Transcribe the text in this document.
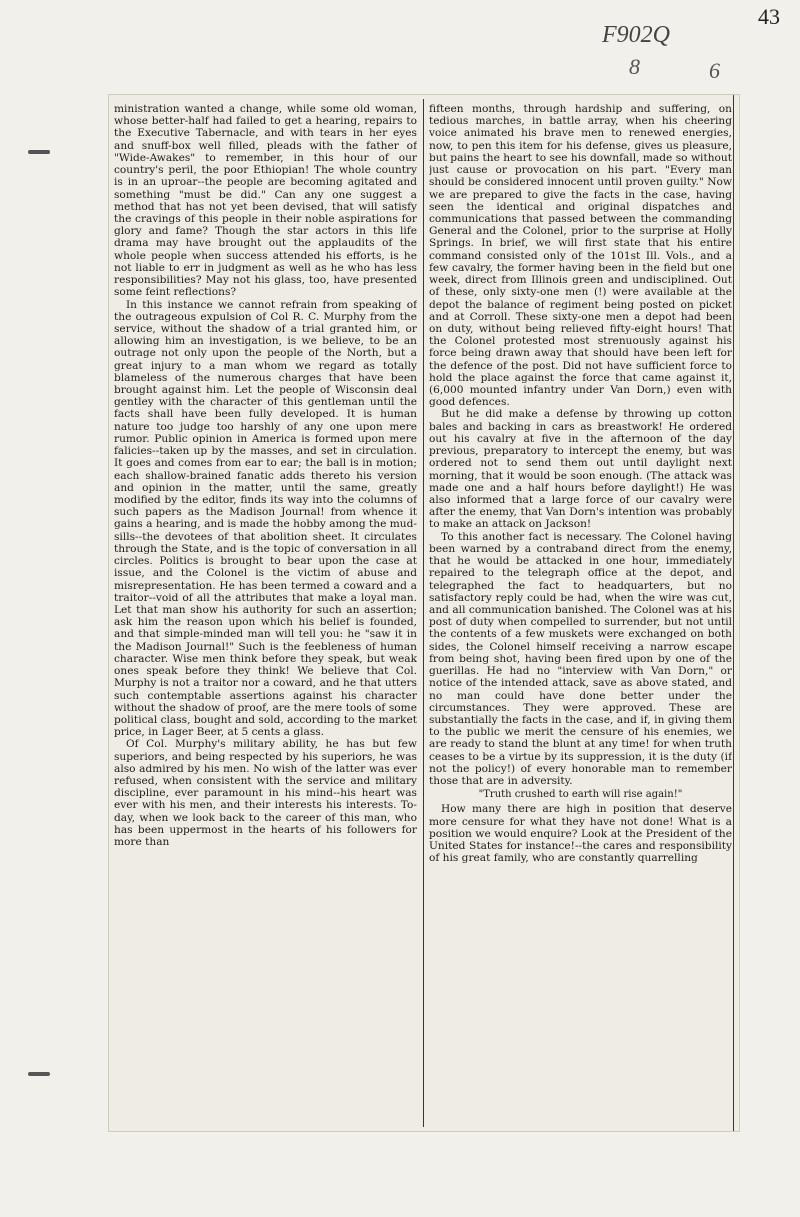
43
F902Q
8	6

ministration wanted a change, while some old woman, whose better-half had failed to get a hearing, repairs to the Executive Tabernacle, and with tears in her eyes and snuff-box well filled, pleads with the father of "Wide-Awakes" to remember, in this hour of our country's peril, the poor Ethiopian! The whole country is in an uproar--the people are becoming agitated and something "must be did." Can any one suggest a method that has not yet been devised, that will satisfy the cravings of this people in their noble aspirations for glory and fame? Though the star actors in this life drama may have brought out the applaudits of the whole people when success attended his efforts, is he not liable to err in judgment as well as he who has less responsibilities? May not his glass, too, have presented some feint reflections?

In this instance we cannot refrain from speaking of the outrageous expulsion of Col R. C. Murphy from the service, without the shadow of a trial granted him, or allowing him an investigation, is we believe, to be an outrage not only upon the people of the North, but a great injury to a man whom we regard as totally blameless of the numerous charges that have been brought against him. Let the people of Wisconsin deal gentley with the character of this gentleman until the facts shall have been fully developed. It is human nature too judge too harshly of any one upon mere rumor. Public opinion in America is formed upon mere falicies--taken up by the masses, and set in circulation. It goes and comes from ear to ear; the ball is in motion; each shallow-brained fanatic adds thereto his version and opinion in the matter, until the same, greatly modified by the editor, finds its way into the columns of such papers as the Madison Journal! from whence it gains a hearing, and is made the hobby among the mud-sills--the devotees of that abolition sheet. It circulates through the State, and is the topic of conversation in all circles. Politics is brought to bear upon the case at issue, and the Colonel is the victim of abuse and misrepresentation. He has been termed a coward and a traitor--void of all the attributes that make a loyal man. Let that man show his authority for such an assertion; ask him the reason upon which his belief is founded, and that simple-minded man will tell you: he "saw it in the Madison Journal!" Such is the feebleness of human character. Wise men think before they speak, but weak ones speak before they think! We believe that Col. Murphy is not a traitor nor a coward, and he that utters such contemptable assertions against his character without the shadow of proof, are the mere tools of some political class, bought and sold, according to the market price, in Lager Beer, at 5 cents a glass.

Of Col. Murphy's military ability, he has but few superiors, and being respected by his superiors, he was also admired by his men. No wish of the latter was ever refused, when consistent with the service and military discipline, ever paramount in his mind--his heart was ever with his men, and their interests his interests. To-day, when we look back to the career of this man, who has been uppermost in the hearts of his followers for more than

fifteen months, through hardship and suffering, on tedious marches, in battle array, when his cheering voice animated his brave men to renewed energies, now, to pen this item for his defense, gives us pleasure, but pains the heart to see his downfall, made so without just cause or provocation on his part. "Every man should be considered innocent until proven guilty." Now we are prepared to give the facts in the case, having seen the identical and original dispatches and communications that passed between the commanding General and the Colonel, prior to the surprise at Holly Springs. In brief, we will first state that his entire command consisted only of the 101st Ill. Vols., and a few cavalry, the former having been in the field but one week, direct from Illinois green and undisciplined. Out of these, only sixty-one men (!) were available at the depot the balance of regiment being posted on picket and at Corroll. These sixty-one men a depot had been on duty, without being relieved fifty-eight hours! That the Colonel protested most strenuously against his force being drawn away that should have been left for the defence of the post. Did not have sufficient force to hold the place against the force that came against it, (6,000 mounted infantry under Van Dorn,) even with good defences.

But he did make a defense by throwing up cotton bales and backing in cars as breastwork! He ordered out his cavalry at five in the afternoon of the day previous, preparatory to intercept the enemy, but was ordered not to send them out until daylight next morning, that it would be soon enough. (The attack was made one and a half hours before daylight!) He was also informed that a large force of our cavalry were after the enemy, that Van Dorn's intention was probably to make an attack on Jackson!

To this another fact is necessary. The Colonel having been warned by a contraband direct from the enemy, that he would be attacked in one hour, immediately repaired to the telegraph office at the depot, and telegraphed the fact to headquarters, but no satisfactory reply could be had, when the wire was cut, and all communication banished. The Colonel was at his post of duty when compelled to surrender, but not until the contents of a few muskets were exchanged on both sides, the Colonel himself receiving a narrow escape from being shot, having been fired upon by one of the guerillas. He had no "interview with Van Dorn," or notice of the intended attack, save as above stated, and no man could have done better under the circumstances. They were approved. These are substantially the facts in the case, and if, in giving them to the public we merit the censure of his enemies, we are ready to stand the blunt at any time! for when truth ceases to be a virtue by its suppression, it is the duty (if not the policy!) of every honorable man to remember those that are in adversity.

"Truth crushed to earth will rise again!"

How many there are high in position that deserve more censure for what they have not done! What is a position we would enquire? Look at the President of the United States for instance!--the cares and responsibility of his great family, who are constantly quarrelling
